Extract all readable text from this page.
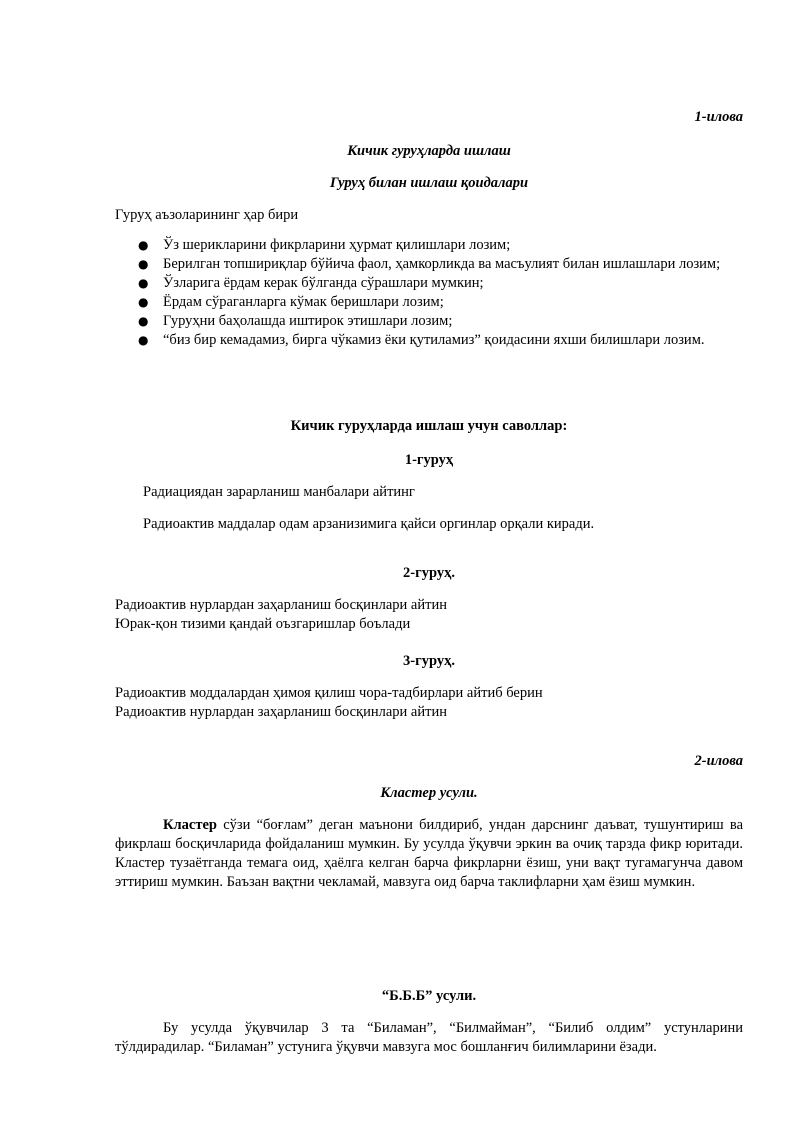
1-илова
Кичик гуруҳларда ишлаш
Гуруҳ билан ишлаш қоидалари
Гуруҳ аъзоларининг ҳар бири
● Ўз шерикларини фикрларини ҳурмат қилишлари лозим;
● Берилган топшириқлар бўйича фаол, ҳамкорликда ва масъулият билан ишлашлари лозим;
● Ўзларига ёрдам керак бўлганда сўрашлари мумкин;
● Ёрдам сўраганларга кўмак беришлари лозим;
● Гуруҳни баҳолашда иштирок этишлари лозим;
● “биз бир кемадамиз, бирга чўкамиз ёки қутиламиз” қоидасини яхши билишлари лозим.
Кичик гуруҳларда ишлаш учун саволлар:
1-гуруҳ
Радиациядан зарарланиш манбалари айтинг
Радиоактив маддалар одам арзанизимига қайси оргинлар орқали киради.
2-гуруҳ.
Радиоактив нурлардан заҳарланиш босқинлари айтин
Юрак-қон тизими қандай оъзгаришлар боълади
3-гуруҳ.
Радиоактив моддалардан ҳимоя қилиш чора-тадбирлари айтиб берин
Радиоактив нурлардан заҳарланиш босқинлари айтин
2-илова
Кластер усули.
Кластер сўзи “боғлам” деган маънони билдириб, ундан дарснинг даъват, тушунтириш ва фикрлаш босқичларида фойдаланиш мумкин. Бу усулда ўқувчи эркин ва очиқ тарзда фикр юритади. Кластер тузаётганда темага оид, ҳаёлга келган барча фикрларни ёзиш, уни вақт тугамагунча давом эттириш мумкин. Баъзан вақтни чекламай, мавзуга оид барча таклифларни ҳам ёзиш мумкин.
“Б.Б.Б” усули.
Бу усулда ўқувчилар 3 та “Биламан”, “Билмайман”, “Билиб олдим” устунларини тўлдирадилар. “Биламан” устунига ўқувчи мавзуга мос бошланғич билимларини ёзади.
